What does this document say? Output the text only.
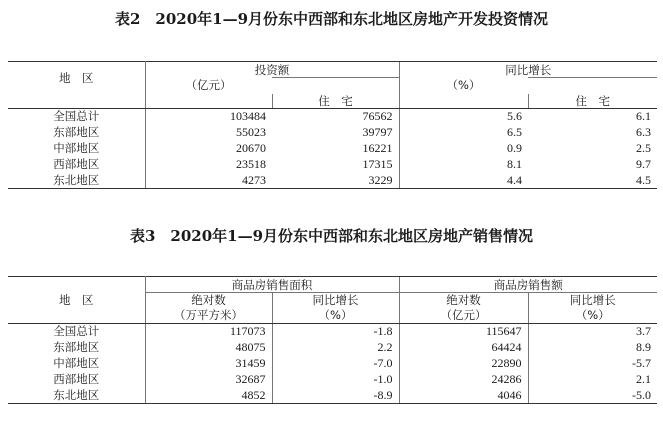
表2　2020年1—9月份东中西部和东北地区房地产开发投资情况
地　区	投资额		同比增长	
	（亿元）		（%）	
		住　宅		住　宅
全国总计	103484	76562	5.6	6.1
东部地区	55023	39797	6.5	6.3
中部地区	20670	16221	0.9	2.5
西部地区	23518	17315	8.1	9.7
东北地区	4273	3229	4.4	4.5
表3　2020年1—9月份东中西部和东北地区房地产销售情况
地　区	商品房销售面积		商品房销售额	
	绝对数	同比增长	绝对数	同比增长
	（万平方米）	（%）	（亿元）	（%）
全国总计	117073	-1.8	115647	3.7
东部地区	48075	2.2	64424	8.9
中部地区	31459	-7.0	22890	-5.7
西部地区	32687	-1.0	24286	2.1
东北地区	4852	-8.9	4046	-5.0
